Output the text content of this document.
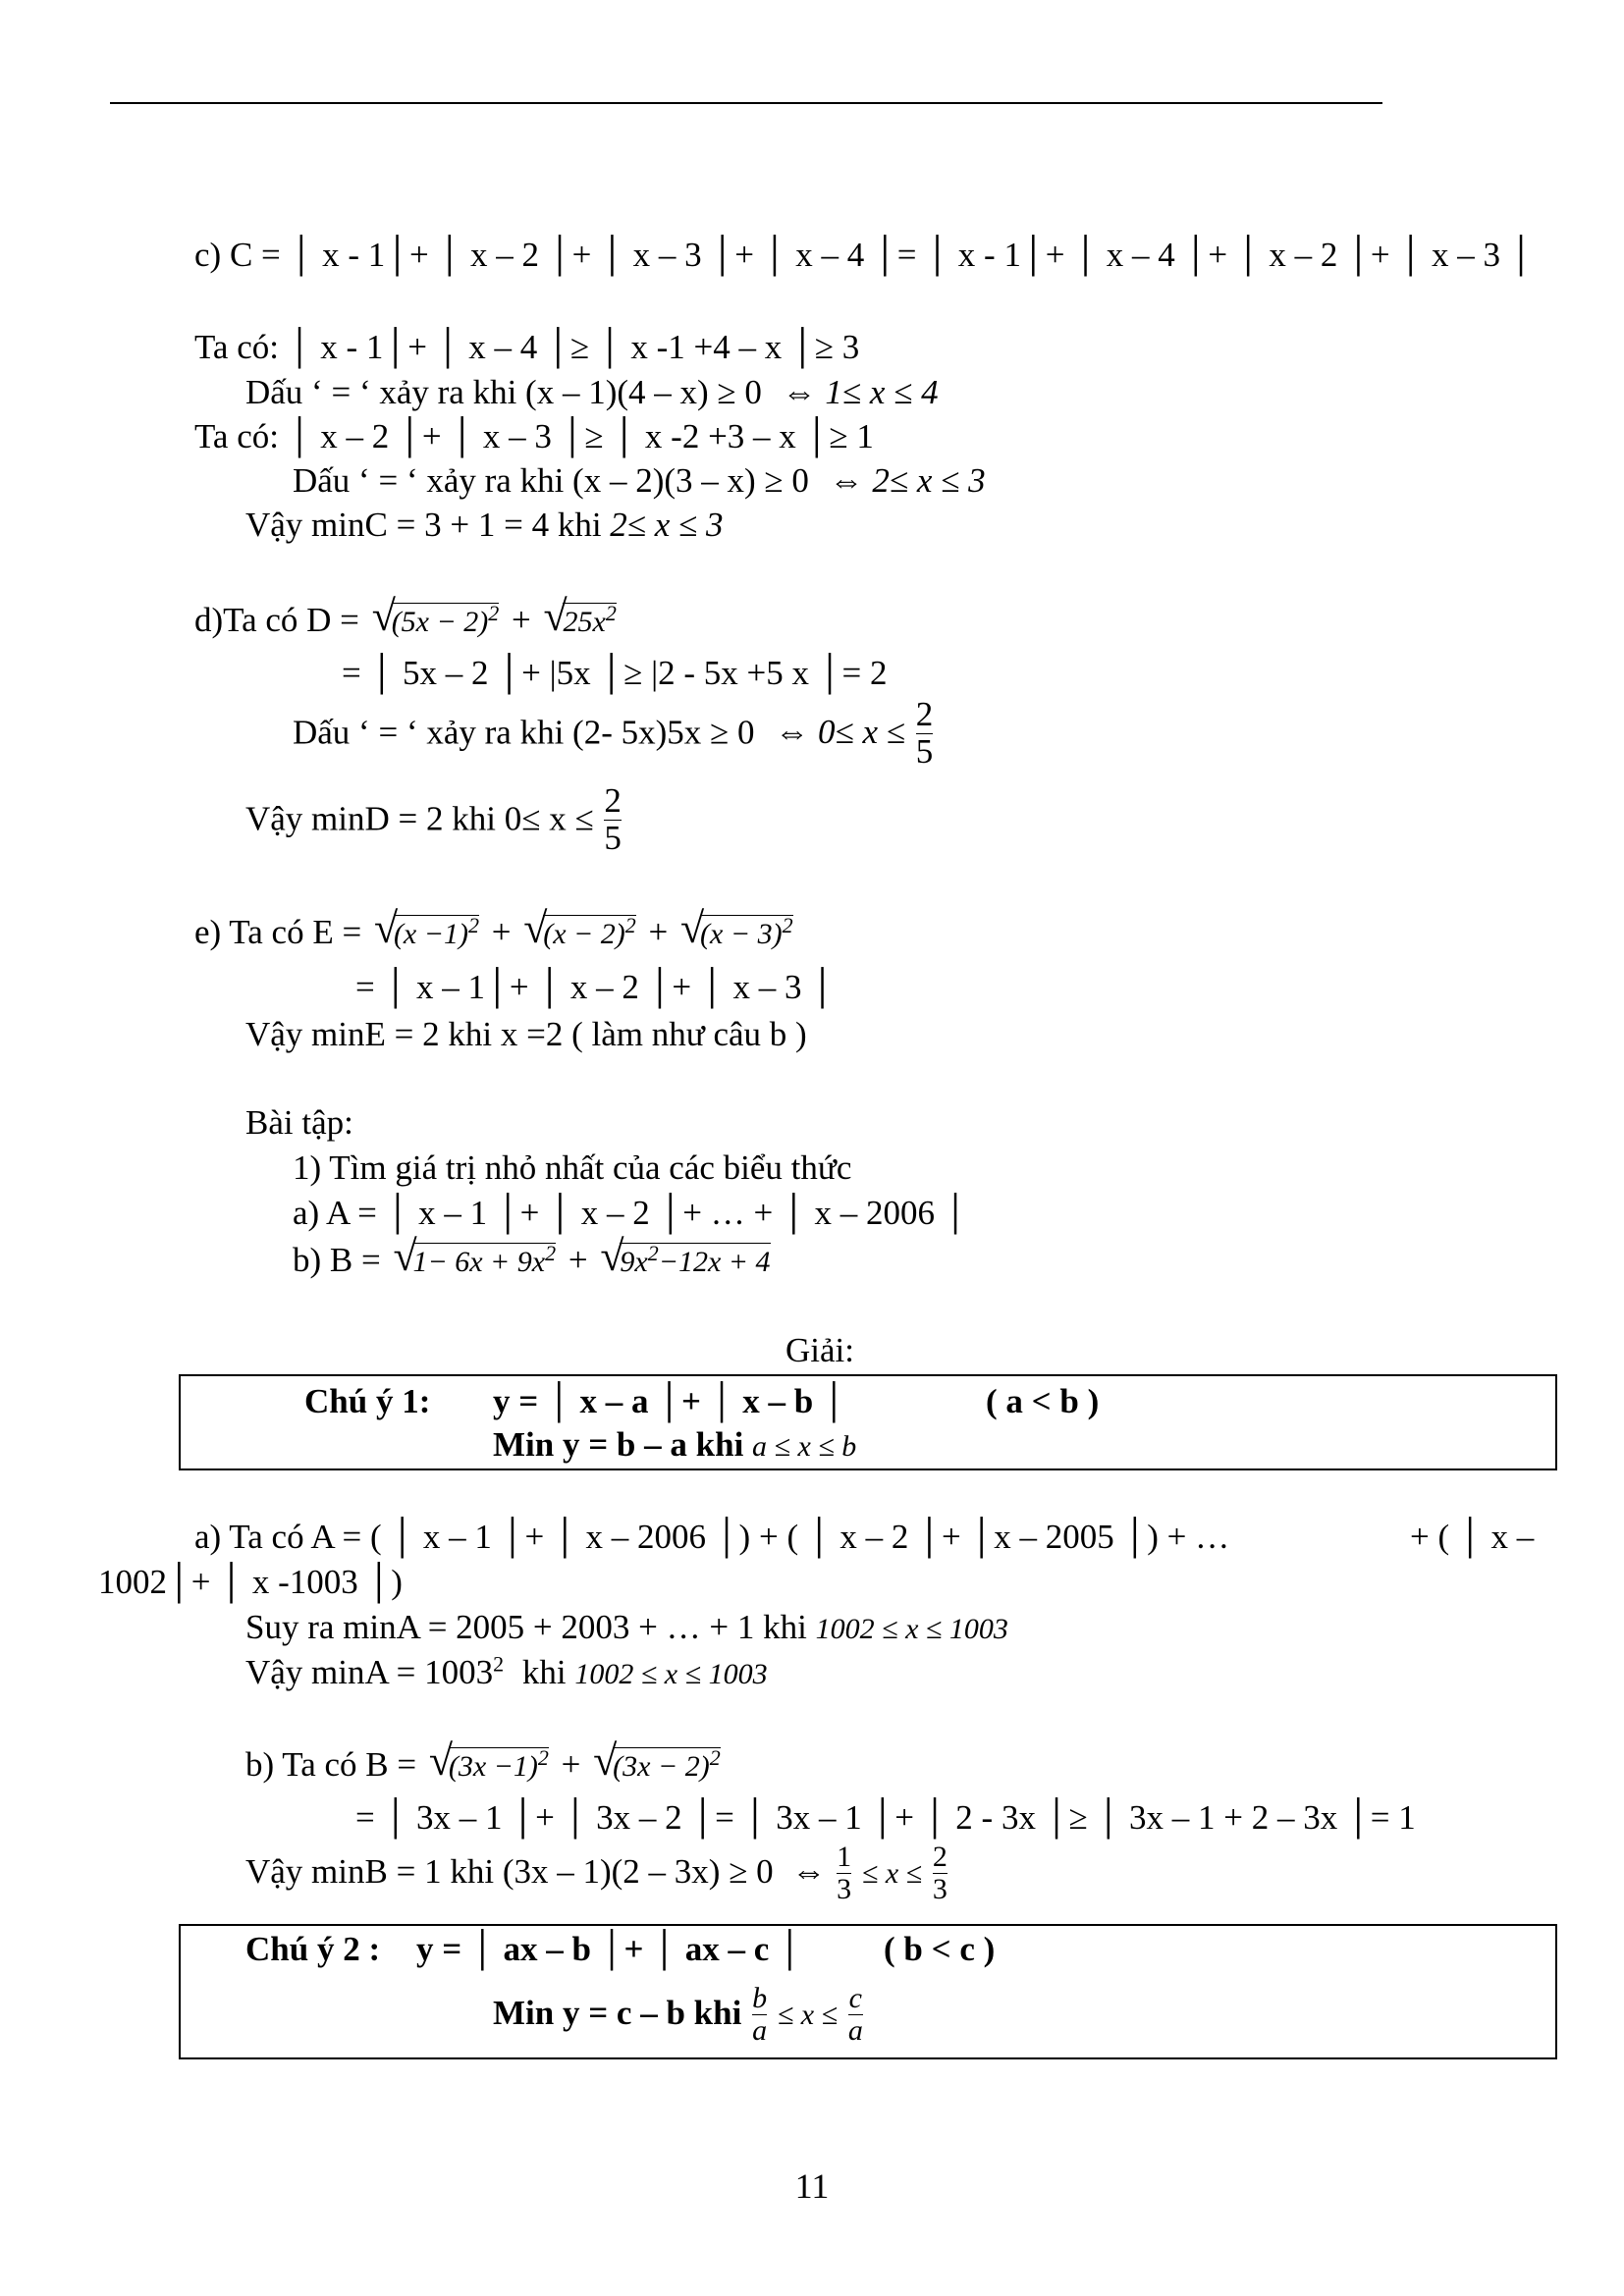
c) C = │ x - 1│+ │ x – 2 │+ │ x – 3 │+ │ x – 4 │= │ x - 1│+ │ x – 4 │+ │ x – 2 │+ │ x – 3 │
Ta có: │ x - 1│+ │ x – 4 │≥ │ x -1 +4 – x │≥ 3
Dấu ‘ = ‘ xảy ra khi (x – 1)(4 – x) ≥ 0 ⇔ 1≤ x ≤ 4
Ta có: │ x – 2 │+ │ x – 3 │≥ │ x -2 +3 – x │≥ 1
Dấu ‘ = ‘ xảy ra khi (x – 2)(3 – x) ≥ 0 ⇔ 2≤ x ≤ 3
Vậy minC = 3 + 1 = 4 khi 2≤ x ≤ 3
d)Ta có D = √
$(5x - 2)^2$ + √
$25x^2$
= │ 5x – 2 │+ |5x │≥ |2 - 5x +5 x │= 2
Dấu ‘ = ‘ xảy ra khi (2- 5x)5x ≥ 0 ⇔ $0\le x \le \frac{2}{5}$
Vậy minD = 2 khi $0\le x \le \frac{2}{5}$
e) Ta có E = √
$(x -1)^2$ + √
$(x - 2)^2$ + √
$(x - 3)^2$
= │ x – 1│+ │ x – 2 │+ │ x – 3 │
Vậy minE = 2 khi x =2 ( làm như câu b )
Bài tập:
1) Tìm giá trị nhỏ nhất của các biểu thức
a) A = │ x – 1 │+ │ x – 2 │+ … + │ x – 2006 │
b) B = √
$1- 6x + 9x^2$ + √
$9x^2-12x + 4$
Giải:
Chú ý 1: y = │ x – a │+ │ x – b │	( a < b )
Min y = b – a khi a ≤ x ≤ b
a) Ta có A = ( │ x – 1 │+ │ x – 2006 │) + ( │ x – 2 │+ │x – 2005 │) + …	+ ( │ x –
1002│+ │ x -1003 │)
Suy ra minA = 2005 + 2003 + … + 1 khi 1002 ≤ x ≤ 1003
Vậy $\min A = 1003^2$ khi 1002 ≤ x ≤ 1003
b) Ta có B = √
$(3x -1)^2$ + √
$(3x - 2)^2$
= │ 3x – 1 │+ │ 3x – 2 │= │ 3x – 1 │+ │ 2 - 3x │≥ │ 3x – 1 + 2 – 3x │= 1
Vậy minB = 1 khi (3x – 1)(2 – 3x) ≥ 0 ⇔ $\frac{1}{3} \le x \le \frac{2}{3}$
Chú ý 2 : y = │ ax – b │+ │ ax – c │ ( b < c )
Min y = c – b khi $\frac{b}{a} \le x \le \frac{c}{a}$
11
